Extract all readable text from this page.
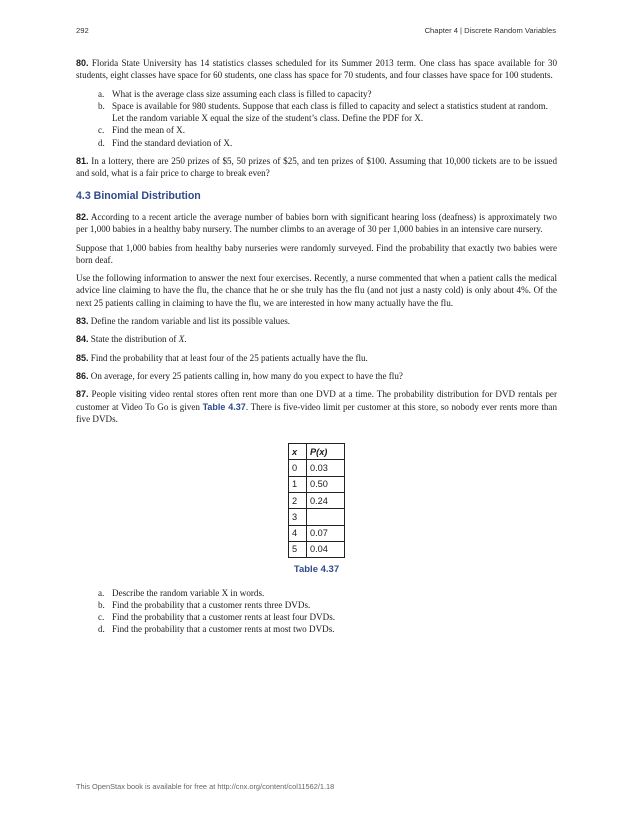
292	Chapter 4 | Discrete Random Variables

80. Florida State University has 14 statistics classes scheduled for its Summer 2013 term. One class has space available for 30 students, eight classes have space for 60 students, one class has space for 70 students, and four classes have space for 100 students.

a. What is the average class size assuming each class is filled to capacity?
b. Space is available for 980 students. Suppose that each class is filled to capacity and select a statistics student at random. Let the random variable X equal the size of the student’s class. Define the PDF for X.
c. Find the mean of X.
d. Find the standard deviation of X.

81. In a lottery, there are 250 prizes of $5, 50 prizes of $25, and ten prizes of $100. Assuming that 10,000 tickets are to be issued and sold, what is a fair price to charge to break even?

4.3 Binomial Distribution

82. According to a recent article the average number of babies born with significant hearing loss (deafness) is approximately two per 1,000 babies in a healthy baby nursery. The number climbs to an average of 30 per 1,000 babies in an intensive care nursery.

Suppose that 1,000 babies from healthy baby nurseries were randomly surveyed. Find the probability that exactly two babies were born deaf.

Use the following information to answer the next four exercises. Recently, a nurse commented that when a patient calls the medical advice line claiming to have the flu, the chance that he or she truly has the flu (and not just a nasty cold) is only about 4%. Of the next 25 patients calling in claiming to have the flu, we are interested in how many actually have the flu.

83. Define the random variable and list its possible values.

84. State the distribution of X.

85. Find the probability that at least four of the 25 patients actually have the flu.

86. On average, for every 25 patients calling in, how many do you expect to have the flu?

87. People visiting video rental stores often rent more than one DVD at a time. The probability distribution for DVD rentals per customer at Video To Go is given Table 4.37. There is five-video limit per customer at this store, so nobody ever rents more than five DVDs.

x	P(x)
0	0.03
1	0.50
2	0.24
3	
4	0.07
5	0.04
Table 4.37
a. Describe the random variable X in words.
b. Find the probability that a customer rents three DVDs.
c. Find the probability that a customer rents at least four DVDs.
d. Find the probability that a customer rents at most two DVDs.
This OpenStax book is available for free at http://cnx.org/content/col11562/1.18
